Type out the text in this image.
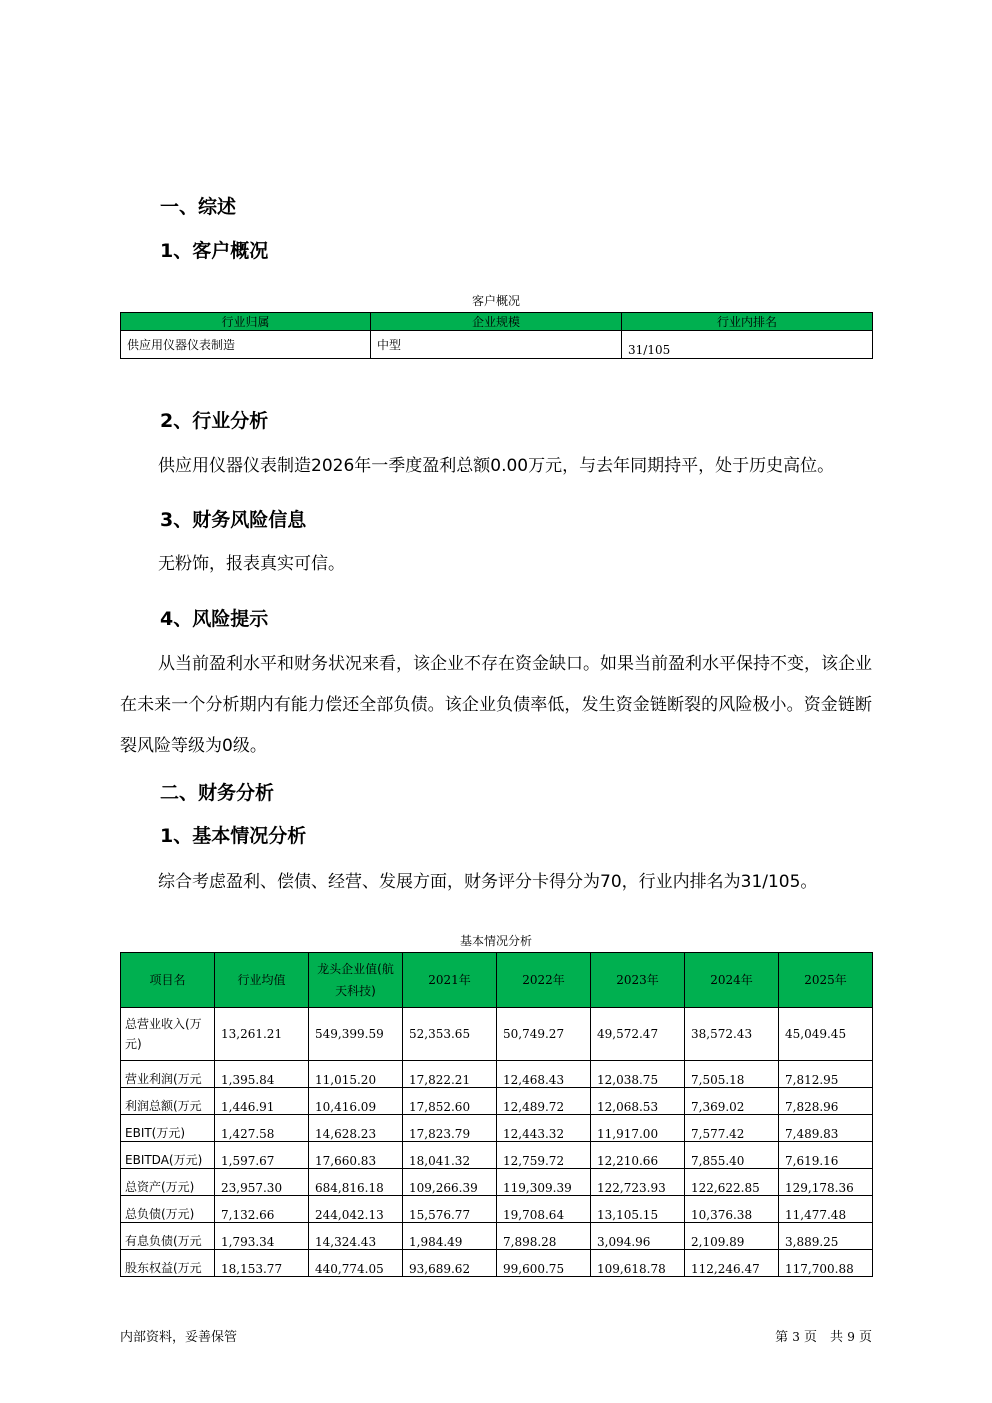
一、综述
1、客户概况
客户概况
行业归属	企业规模	行业内排名
供应用仪器仪表制造	中型	31/105
2、行业分析

供应用仪器仪表制造2026年一季度盈利总额0.00万元，与去年同期持平，处于历史高位。

3、财务风险信息

无粉饰，报表真实可信。

4、风险提示

从当前盈利水平和财务状况来看，该企业不存在资金缺口。如果当前盈利水平保持不变，该企业在未来一个分析期内有能力偿还全部负债。该企业负债率低，发生资金链断裂的风险极小。资金链断裂风险等级为0级。

二、财务分析
1、基本情况分析

综合考虑盈利、偿债、经营、发展方面，财务评分卡得分为70，行业内排名为31/105。

基本情况分析
项目名	行业均值	龙头企业值(航天科技)	2021年	2022年	2023年	2024年	2025年
总营业收入(万元)	13,261.21	549,399.59	52,353.65	50,749.27	49,572.47	38,572.43	45,049.45
营业利润(万元	1,395.84	11,015.20	17,822.21	12,468.43	12,038.75	7,505.18	7,812.95
利润总额(万元	1,446.91	10,416.09	17,852.60	12,489.72	12,068.53	7,369.02	7,828.96
EBIT(万元)	1,427.58	14,628.23	17,823.79	12,443.32	11,917.00	7,577.42	7,489.83
EBITDA(万元)	1,597.67	17,660.83	18,041.32	12,759.72	12,210.66	7,855.40	7,619.16
总资产(万元)	23,957.30	684,816.18	109,266.39	119,309.39	122,723.93	122,622.85	129,178.36
总负债(万元)	7,132.66	244,042.13	15,576.77	19,708.64	13,105.15	10,376.38	11,477.48
有息负债(万元	1,793.34	14,324.43	1,984.49	7,898.28	3,094.96	2,109.89	3,889.25
股东权益(万元	18,153.77	440,774.05	93,689.62	99,600.75	109,618.78	112,246.47	117,700.88
内部资料，妥善保管	第 3 页　共 9 页
